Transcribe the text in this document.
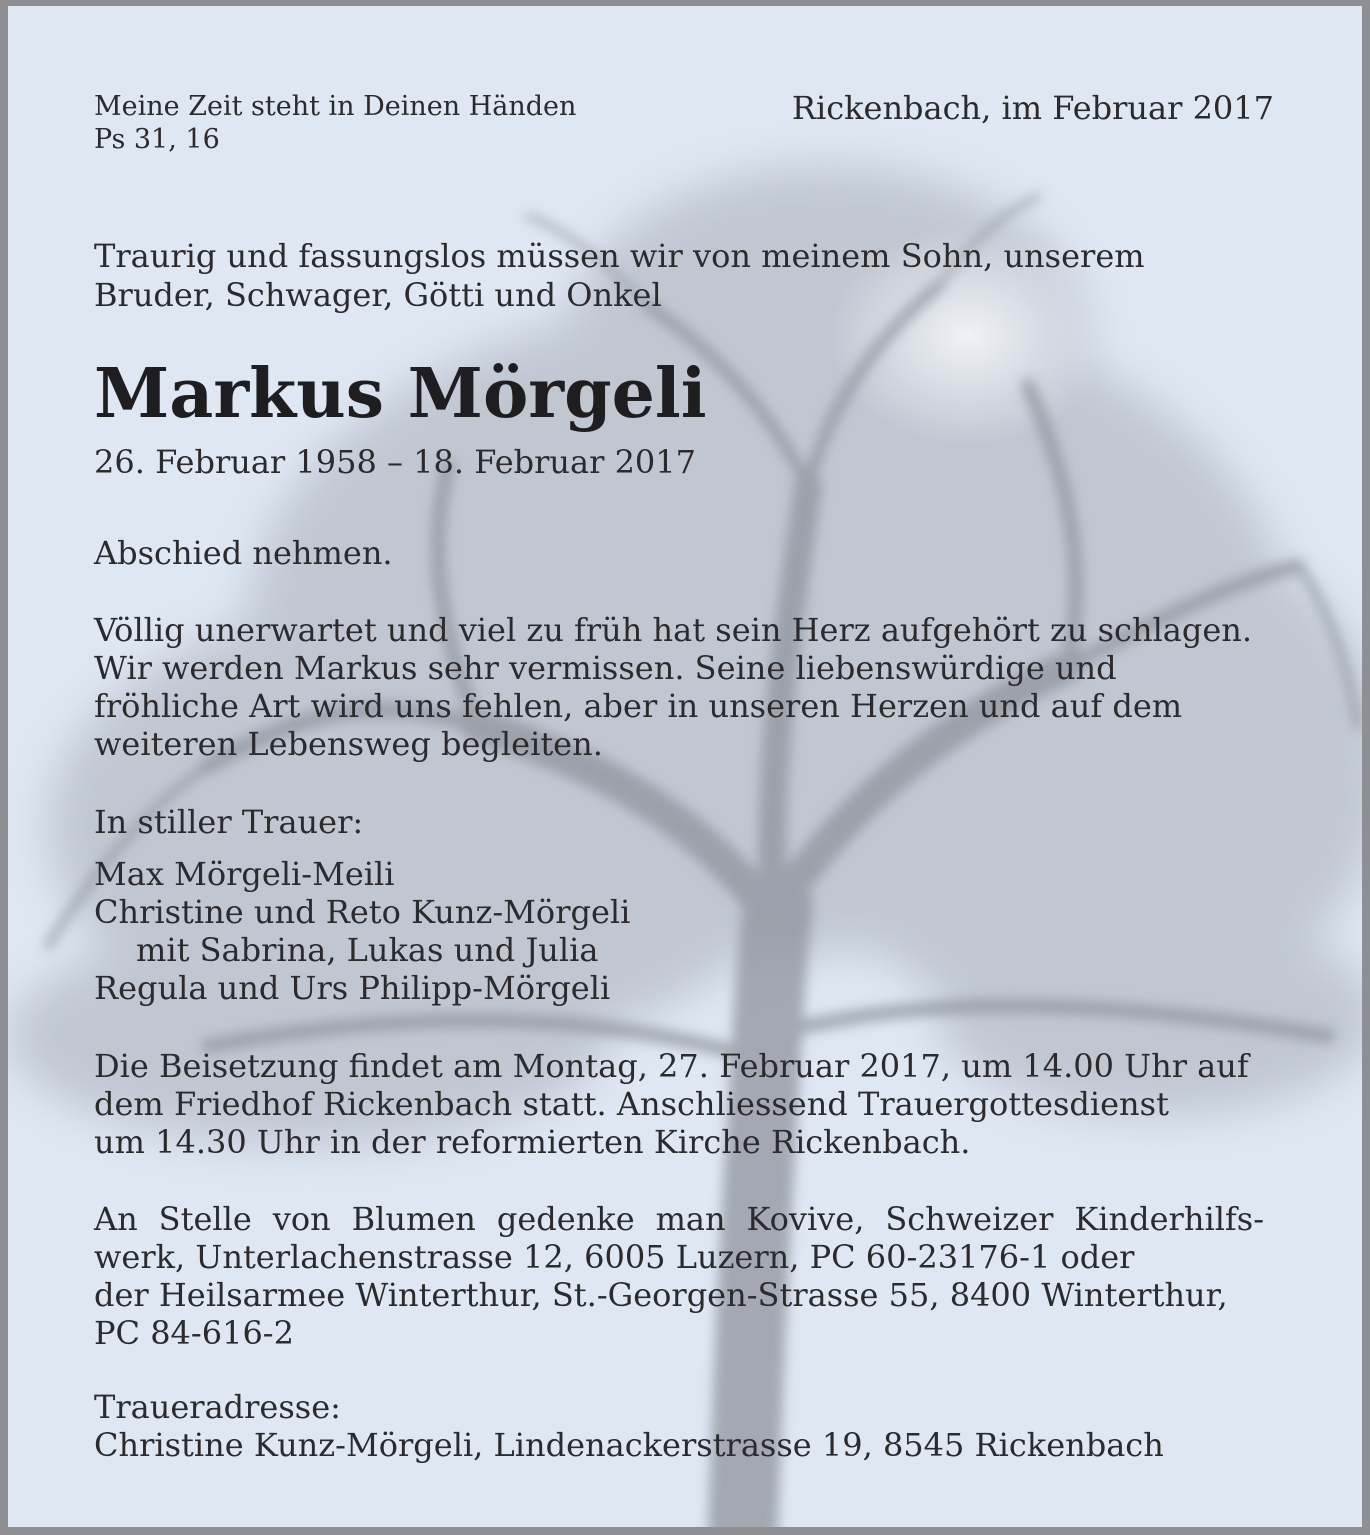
Meine Zeit steht in Deinen Händen
Ps 31, 16
Rickenbach, im Februar 2017
Traurig und fassungslos müssen wir von meinem Sohn, unserem
Bruder, Schwager, Götti und Onkel
Markus Mörgeli
26. Februar 1958 – 18. Februar 2017
Abschied nehmen.
Völlig unerwartet und viel zu früh hat sein Herz aufgehört zu schlagen.
Wir werden Markus sehr vermissen. Seine liebenswürdige und
fröhliche Art wird uns fehlen, aber in unseren Herzen und auf dem
weiteren Lebensweg begleiten.
In stiller Trauer:
Max Mörgeli-Meili
Christine und Reto Kunz-Mörgeli
mit Sabrina, Lukas und Julia
Regula und Urs Philipp-Mörgeli
Die Beisetzung findet am Montag, 27. Februar 2017, um 14.00 Uhr auf
dem Friedhof Rickenbach statt. Anschliessend Trauergottesdienst
um 14.30 Uhr in der reformierten Kirche Rickenbach.
An Stelle von Blumen gedenke man Kovive, Schweizer Kinderhilfs-
werk, Unterlachenstrasse 12, 6005 Luzern, PC 60-23176-1 oder
der Heilsarmee Winterthur, St.-Georgen-Strasse 55, 8400 Winterthur,
PC 84-616-2
Traueradresse:
Christine Kunz-Mörgeli, Lindenackerstrasse 19, 8545 Rickenbach
